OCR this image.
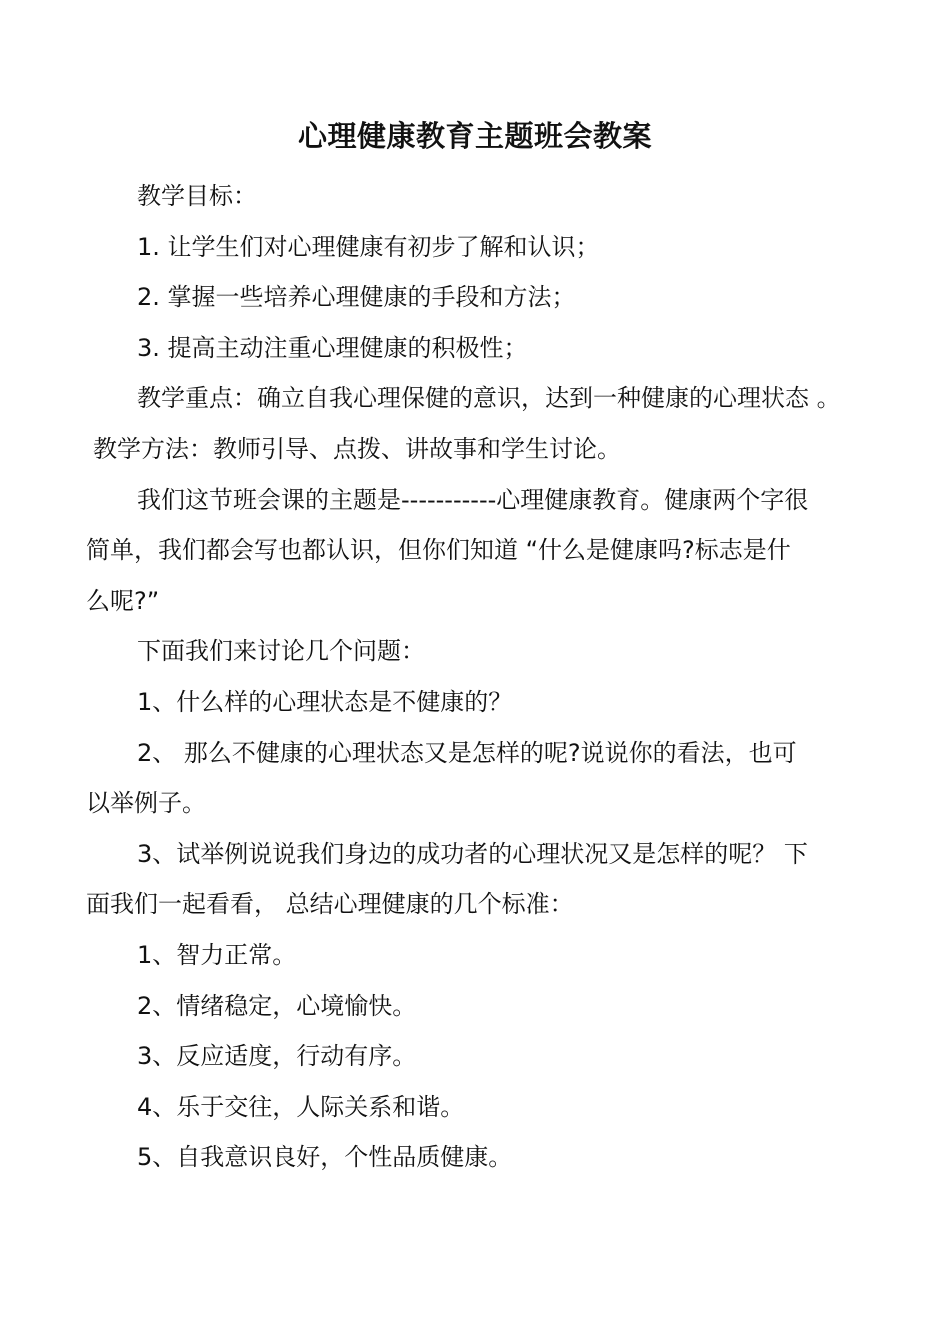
心理健康教育主题班会教案
教学目标：
1. 让学生们对心理健康有初步了解和认识；
2. 掌握一些培养心理健康的手段和方法；
3. 提高主动注重心理健康的积极性；
教学重点：确立自我心理保健的意识，达到一种健康的心理状态 。
教学方法：教师引导、点拨、讲故事和学生讨论。
我们这节班会课的主题是-----------心理健康教育。健康两个字很
简单，我们都会写也都认识，但你们知道 “什么是健康吗?标志是什
么呢?”
下面我们来讨论几个问题：
1、什么样的心理状态是不健康的？
2、 那么不健康的心理状态又是怎样的呢?说说你的看法，也可
以举例子。
3、试举例说说我们身边的成功者的心理状况又是怎样的呢？ 下
面我们一起看看， 总结心理健康的几个标准：
1、智力正常。
2、情绪稳定，心境愉快。
3、反应适度，行动有序。
4、乐于交往，人际关系和谐。
5、自我意识良好，个性品质健康。
